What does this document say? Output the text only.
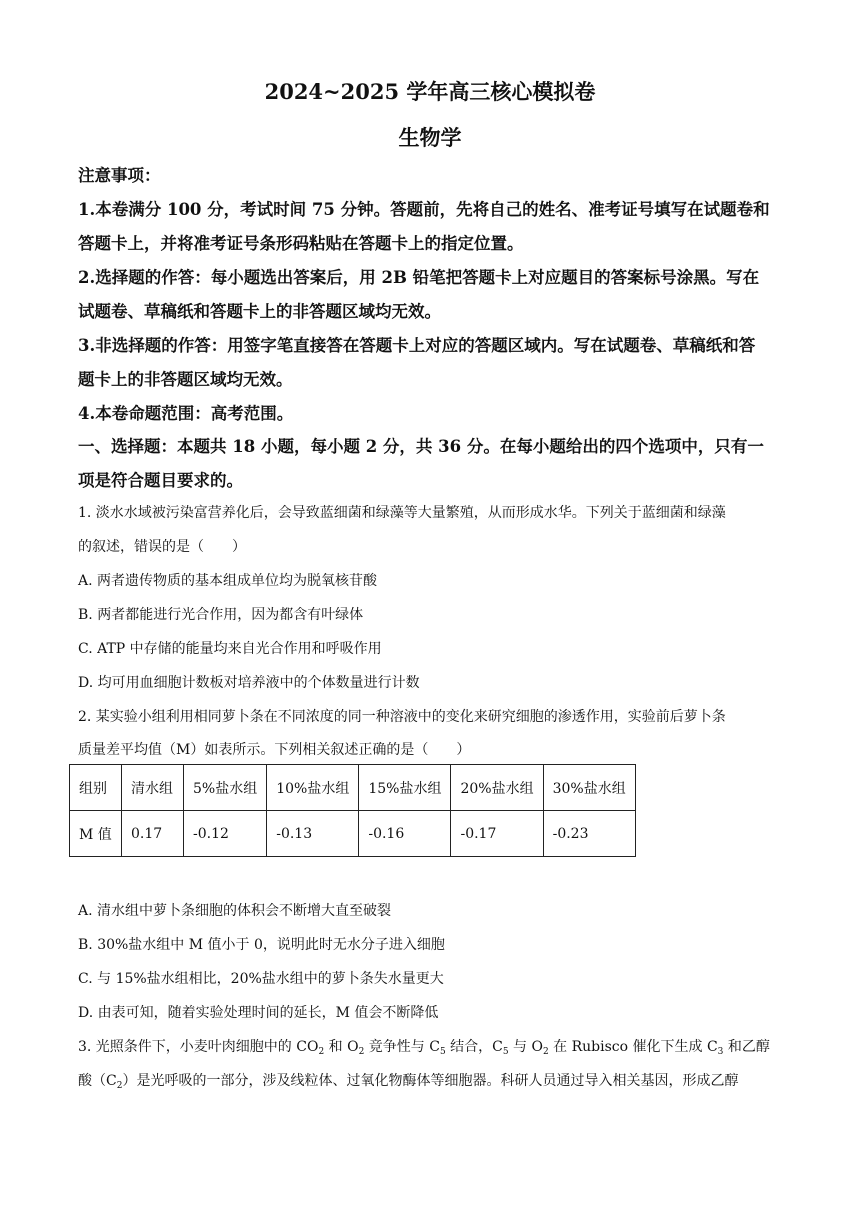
2024~2025 学年高三核心模拟卷
生物学
注意事项：
1.本卷满分 100 分，考试时间 75 分钟。答题前，先将自己的姓名、准考证号填写在试题卷和
答题卡上，并将准考证号条形码粘贴在答题卡上的指定位置。
2.选择题的作答：每小题选出答案后，用 2B 铅笔把答题卡上对应题目的答案标号涂黑。写在
试题卷、草稿纸和答题卡上的非答题区域均无效。
3.非选择题的作答：用签字笔直接答在答题卡上对应的答题区域内。写在试题卷、草稿纸和答
题卡上的非答题区域均无效。
4.本卷命题范围：高考范围。
一、选择题：本题共 18 小题，每小题 2 分，共 36 分。在每小题给出的四个选项中，只有一
项是符合题目要求的。
1. 淡水水域被污染富营养化后，会导致蓝细菌和绿藻等大量繁殖，从而形成水华。下列关于蓝细菌和绿藻
的叙述，错误的是（　　）
A. 两者遗传物质的基本组成单位均为脱氧核苷酸
B. 两者都能进行光合作用，因为都含有叶绿体
C. ATP 中存储的能量均来自光合作用和呼吸作用
D. 均可用血细胞计数板对培养液中的个体数量进行计数
2. 某实验小组利用相同萝卜条在不同浓度的同一种溶液中的变化来研究细胞的渗透作用，实验前后萝卜条
质量差平均值（M）如表所示。下列相关叙述正确的是（　　）
组别	清水组	5%盐水组	10%盐水组	15%盐水组	20%盐水组	30%盐水组
M 值	0.17	-0.12	-0.13	-0.16	-0.17	-0.23
A. 清水组中萝卜条细胞的体积会不断增大直至破裂
B. 30%盐水组中 M 值小于 0，说明此时无水分子进入细胞
C. 与 15%盐水组相比，20%盐水组中的萝卜条失水量更大
D. 由表可知，随着实验处理时间的延长，M 值会不断降低
3. 光照条件下，小麦叶肉细胞中的 $CO_2$ 和 $O_2$ 竞争性与 $C_5$ 结合，$C_5$ 与 $O_2$ 在 Rubisco 催化下生成 $C_3$ 和乙醇
酸$(C_2)$是光呼吸的一部分，涉及线粒体、过氧化物酶体等细胞器。科研人员通过导入相关基因，形成乙醇
